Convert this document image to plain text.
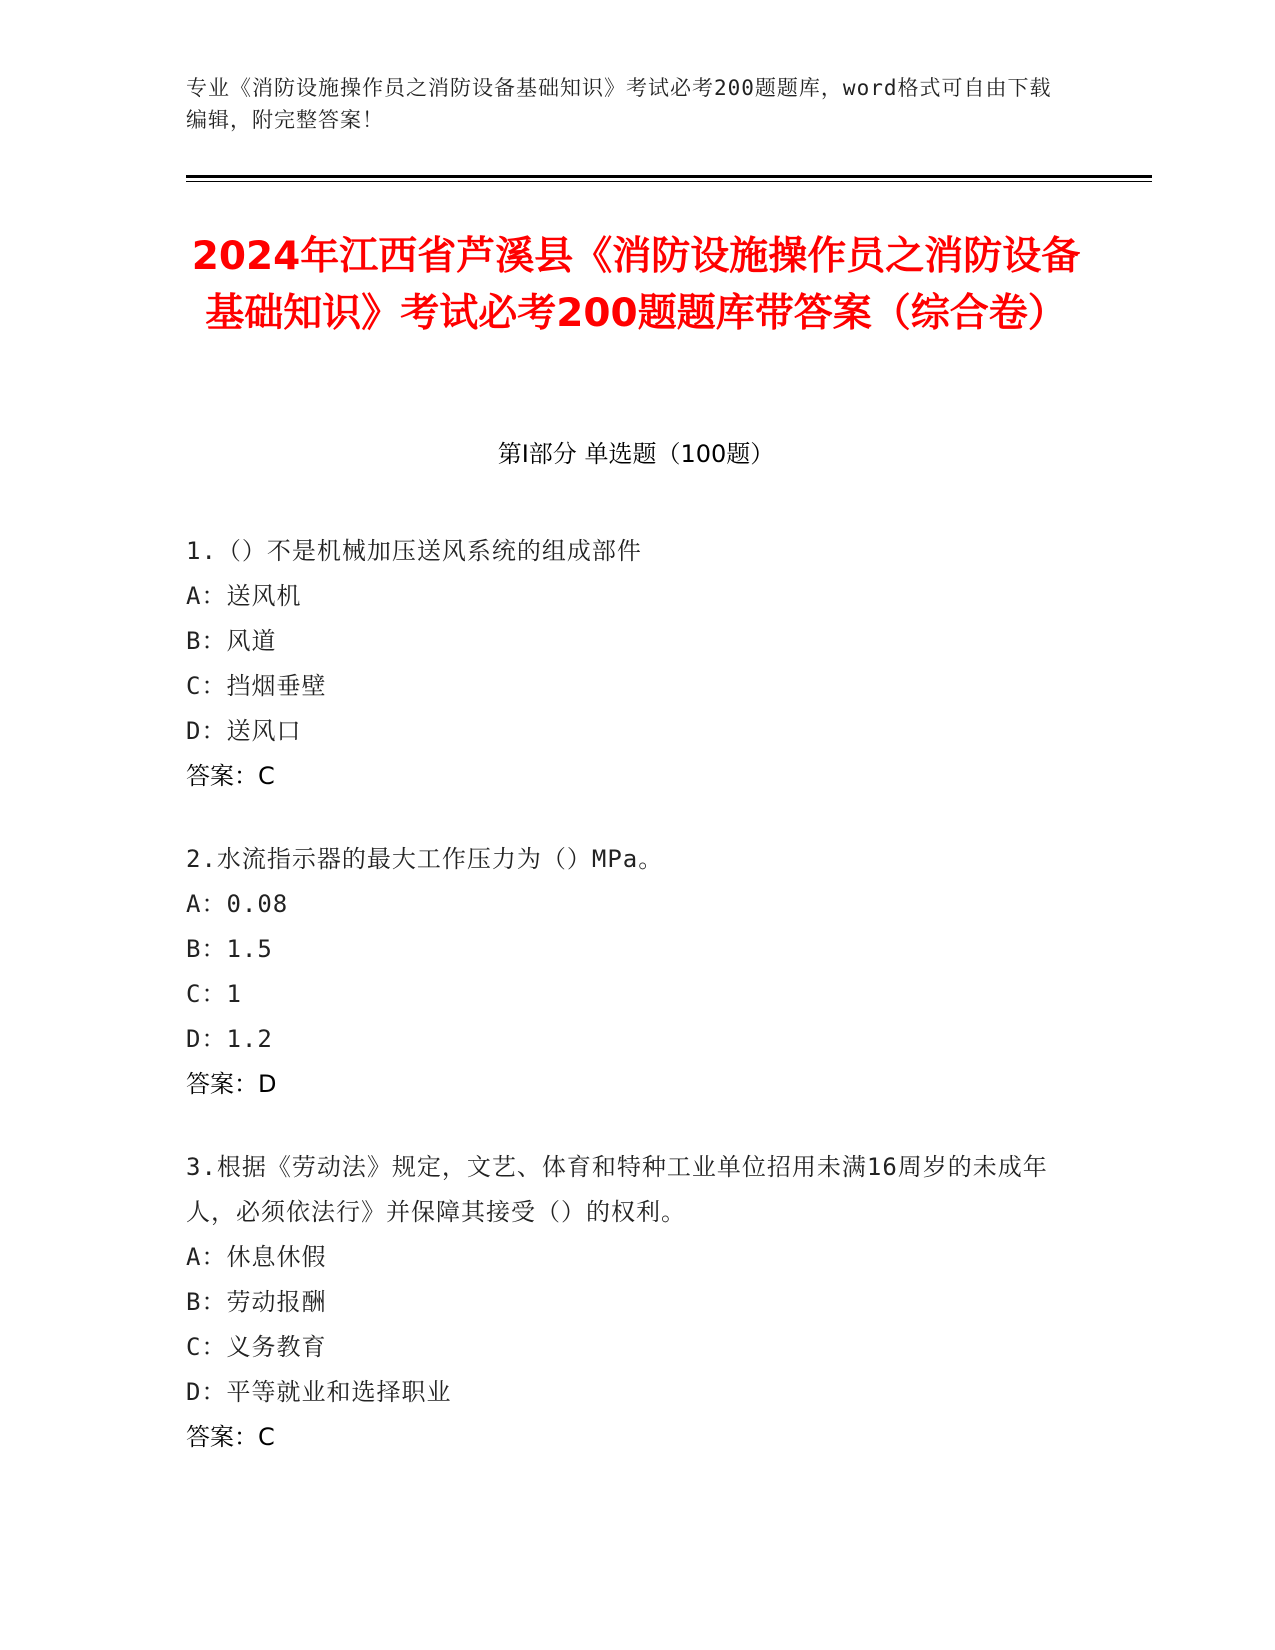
专业《消防设施操作员之消防设备基础知识》考试必考200题题库，word格式可自由下载编辑，附完整答案！
2024年江西省芦溪县《消防设施操作员之消防设备基础知识》考试必考200题题库带答案（综合卷）
第Ⅰ部分 单选题（100题）
1.（）不是机械加压送风系统的组成部件
A：送风机
B：风道
C：挡烟垂壁
D：送风口
答案：C
2.水流指示器的最大工作压力为（）MPa。
A：0.08
B：1.5
C：1
D：1.2
答案：D
3.根据《劳动法》规定，文艺、体育和特种工业单位招用未满16周岁的未成年人，必须依法行》并保障其接受（）的权利。
A：休息休假
B：劳动报酬
C：义务教育
D：平等就业和选择职业
答案：C
